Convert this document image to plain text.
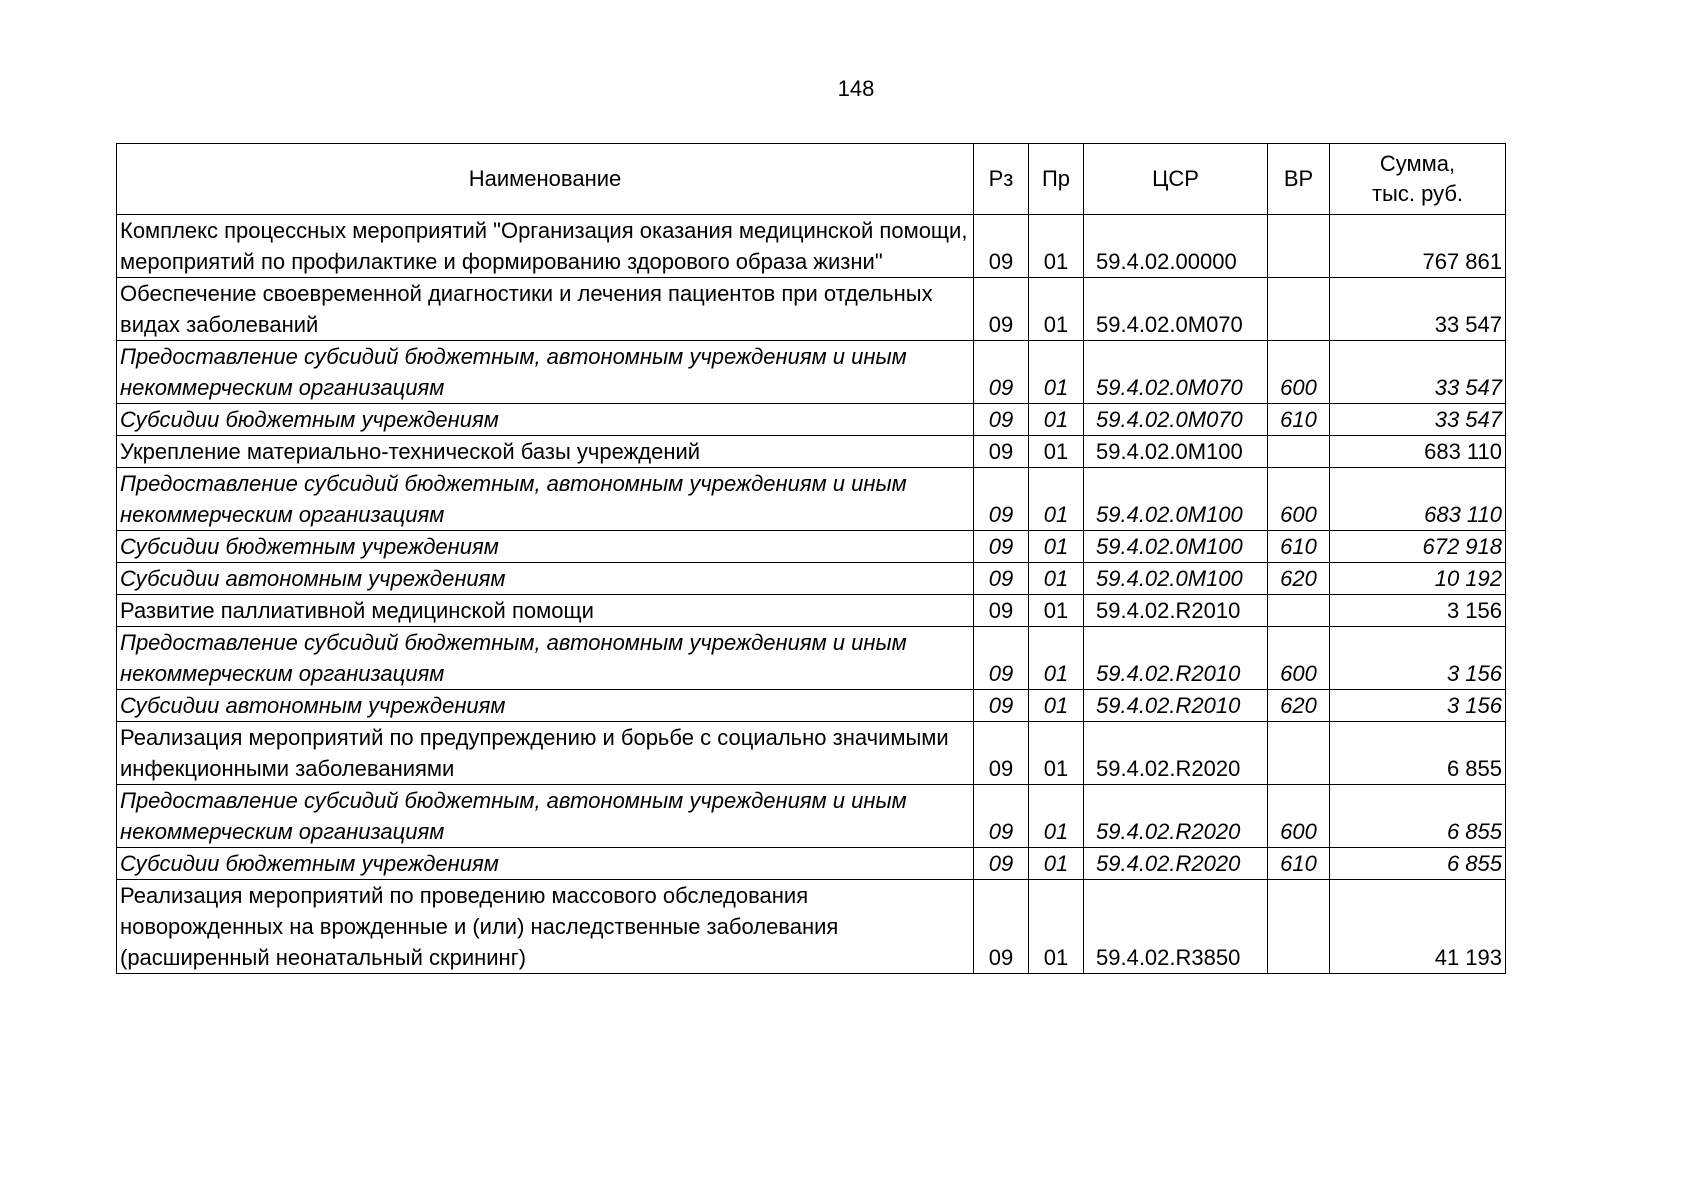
148
Наименование	Рз	Пр	ЦСР	ВР	Сумма,
тыс. руб.
Комплекс процессных мероприятий "Организация оказания медицинской помощи, мероприятий по профилактике и формированию здорового образа жизни"	09	01	59.4.02.00000		767 861
Обеспечение своевременной диагностики и лечения пациентов при отдельных видах заболеваний	09	01	59.4.02.0М070		33 547
Предоставление субсидий бюджетным, автономным учреждениям и иным некоммерческим организациям	09	01	59.4.02.0М070	600	33 547
Субсидии бюджетным учреждениям	09	01	59.4.02.0М070	610	33 547
Укрепление материально-технической базы учреждений	09	01	59.4.02.0М100		683 110
Предоставление субсидий бюджетным, автономным учреждениям и иным некоммерческим организациям	09	01	59.4.02.0М100	600	683 110
Субсидии бюджетным учреждениям	09	01	59.4.02.0М100	610	672 918
Субсидии автономным учреждениям	09	01	59.4.02.0М100	620	10 192
Развитие паллиативной медицинской помощи	09	01	59.4.02.R2010		3 156
Предоставление субсидий бюджетным, автономным учреждениям и иным некоммерческим организациям	09	01	59.4.02.R2010	600	3 156
Субсидии автономным учреждениям	09	01	59.4.02.R2010	620	3 156
Реализация мероприятий по предупреждению и борьбе с социально значимыми инфекционными заболеваниями	09	01	59.4.02.R2020		6 855
Предоставление субсидий бюджетным, автономным учреждениям и иным некоммерческим организациям	09	01	59.4.02.R2020	600	6 855
Субсидии бюджетным учреждениям	09	01	59.4.02.R2020	610	6 855
Реализация мероприятий по проведению массового обследования новорожденных на врожденные и (или) наследственные заболевания (расширенный неонатальный скрининг)	09	01	59.4.02.R3850		41 193
